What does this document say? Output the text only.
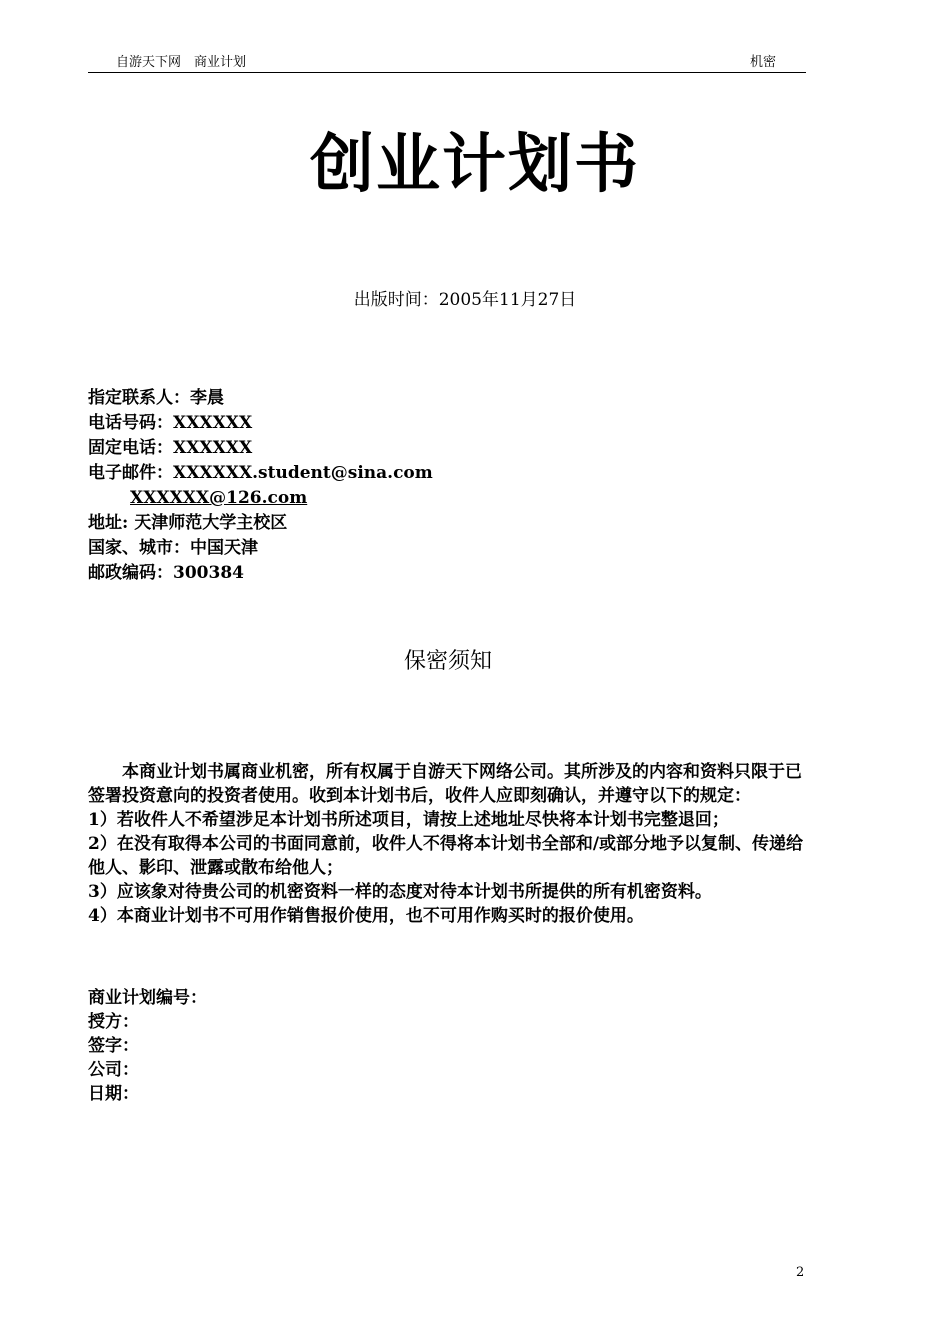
自游天下网　商业计划	机密
创业计划书
出版时间：2005年11月27日
指定联系人：李晨
电话号码：XXXXXX
固定电话：XXXXXX
电子邮件：XXXXXX.student@sina.com
XXXXXX@126.com
地址: 天津师范大学主校区
国家、城市：中国天津
邮政编码：300384
保密须知

本商业计划书属商业机密，所有权属于自游天下网络公司。其所涉及的内容和资料只限于已签署投资意向的投资者使用。收到本计划书后，收件人应即刻确认，并遵守以下的规定：

1）若收件人不希望涉足本计划书所述项目，请按上述地址尽快将本计划书完整退回；

2）在没有取得本公司的书面同意前，收件人不得将本计划书全部和/或部分地予以复制、传递给他人、影印、泄露或散布给他人；

3）应该象对待贵公司的机密资料一样的态度对待本计划书所提供的所有机密资料。

4）本商业计划书不可用作销售报价使用，也不可用作购买时的报价使用。

商业计划编号：
授方：
签字：
公司：
日期：
2
